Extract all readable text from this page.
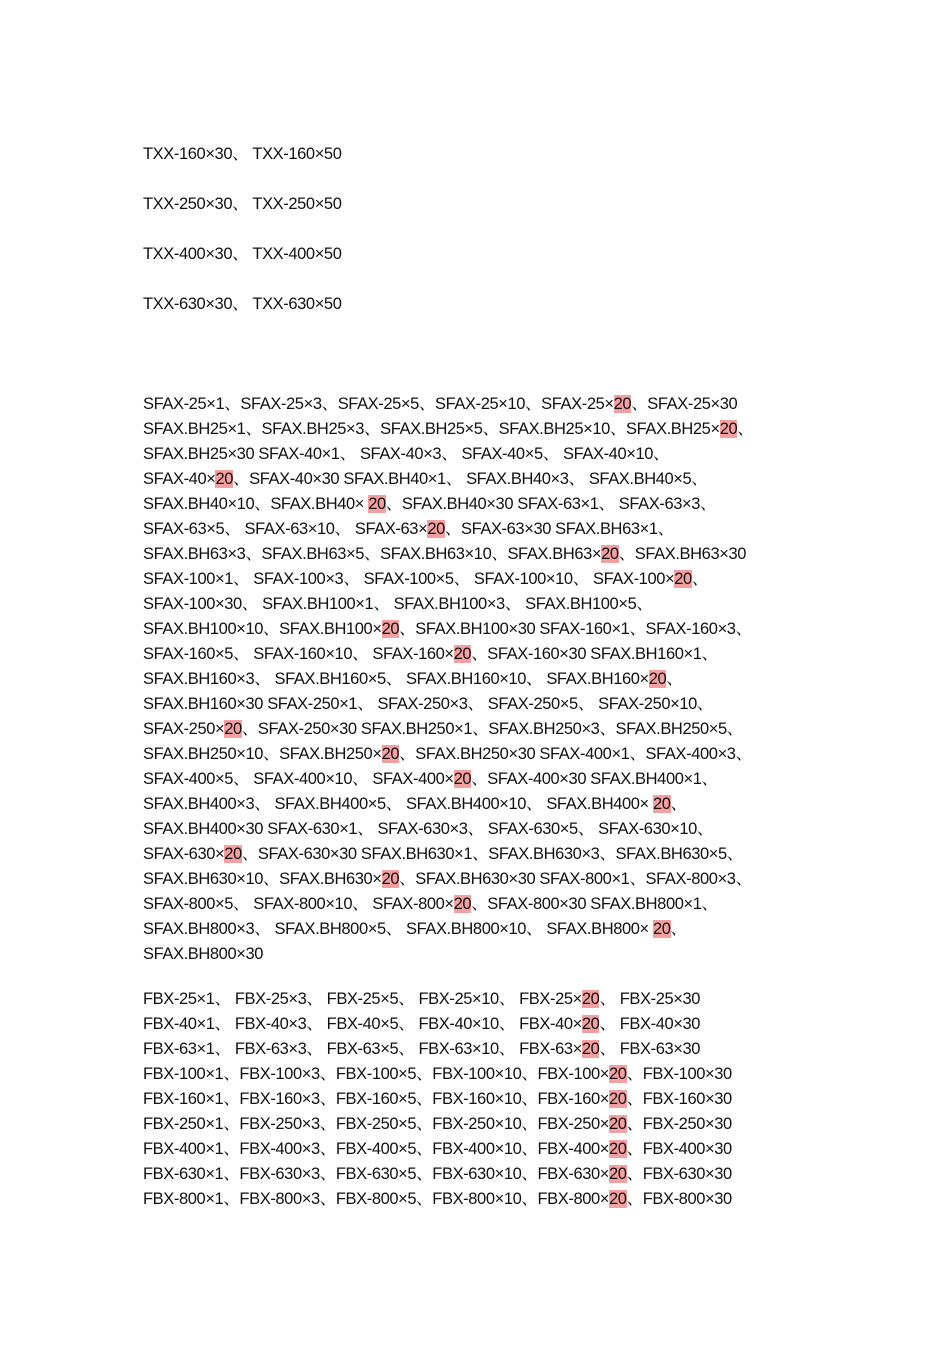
TXX-160×30、 TXX-160×50
TXX-250×30、 TXX-250×50
TXX-400×30、 TXX-400×50
TXX-630×30、 TXX-630×50
SFAX-25×1、SFAX-25×3、SFAX-25×5、SFAX-25×10、SFAX-25×20、SFAX-25×30
SFAX.BH25×1、SFAX.BH25×3、SFAX.BH25×5、SFAX.BH25×10、SFAX.BH25×20、
SFAX.BH25×30 SFAX-40×1、 SFAX-40×3、 SFAX-40×5、 SFAX-40×10、
SFAX-40×20、SFAX-40×30 SFAX.BH40×1、 SFAX.BH40×3、 SFAX.BH40×5、
SFAX.BH40×10、SFAX.BH40× 20、SFAX.BH40×30 SFAX-63×1、 SFAX-63×3、
SFAX-63×5、 SFAX-63×10、 SFAX-63×20、SFAX-63×30 SFAX.BH63×1、
SFAX.BH63×3、SFAX.BH63×5、SFAX.BH63×10、SFAX.BH63×20、SFAX.BH63×30
SFAX-100×1、 SFAX-100×3、 SFAX-100×5、 SFAX-100×10、 SFAX-100×20、
SFAX-100×30、 SFAX.BH100×1、 SFAX.BH100×3、 SFAX.BH100×5、
SFAX.BH100×10、SFAX.BH100×20、SFAX.BH100×30 SFAX-160×1、SFAX-160×3、
SFAX-160×5、 SFAX-160×10、 SFAX-160×20、SFAX-160×30 SFAX.BH160×1、
SFAX.BH160×3、 SFAX.BH160×5、 SFAX.BH160×10、 SFAX.BH160×20、
SFAX.BH160×30 SFAX-250×1、 SFAX-250×3、 SFAX-250×5、 SFAX-250×10、
SFAX-250×20、SFAX-250×30 SFAX.BH250×1、SFAX.BH250×3、SFAX.BH250×5、
SFAX.BH250×10、SFAX.BH250×20、SFAX.BH250×30 SFAX-400×1、SFAX-400×3、
SFAX-400×5、 SFAX-400×10、 SFAX-400×20、SFAX-400×30 SFAX.BH400×1、
SFAX.BH400×3、 SFAX.BH400×5、 SFAX.BH400×10、 SFAX.BH400× 20、
SFAX.BH400×30 SFAX-630×1、 SFAX-630×3、 SFAX-630×5、 SFAX-630×10、
SFAX-630×20、SFAX-630×30 SFAX.BH630×1、SFAX.BH630×3、SFAX.BH630×5、
SFAX.BH630×10、SFAX.BH630×20、SFAX.BH630×30 SFAX-800×1、SFAX-800×3、
SFAX-800×5、 SFAX-800×10、 SFAX-800×20、SFAX-800×30 SFAX.BH800×1、
SFAX.BH800×3、 SFAX.BH800×5、 SFAX.BH800×10、 SFAX.BH800× 20、
SFAX.BH800×30
FBX-25×1、 FBX-25×3、 FBX-25×5、 FBX-25×10、 FBX-25×20、 FBX-25×30
FBX-40×1、 FBX-40×3、 FBX-40×5、 FBX-40×10、 FBX-40×20、 FBX-40×30
FBX-63×1、 FBX-63×3、 FBX-63×5、 FBX-63×10、 FBX-63×20、 FBX-63×30
FBX-100×1、FBX-100×3、FBX-100×5、FBX-100×10、FBX-100×20、FBX-100×30
FBX-160×1、FBX-160×3、FBX-160×5、FBX-160×10、FBX-160×20、FBX-160×30
FBX-250×1、FBX-250×3、FBX-250×5、FBX-250×10、FBX-250×20、FBX-250×30
FBX-400×1、FBX-400×3、FBX-400×5、FBX-400×10、FBX-400×20、FBX-400×30
FBX-630×1、FBX-630×3、FBX-630×5、FBX-630×10、FBX-630×20、FBX-630×30
FBX-800×1、FBX-800×3、FBX-800×5、FBX-800×10、FBX-800×20、FBX-800×30
